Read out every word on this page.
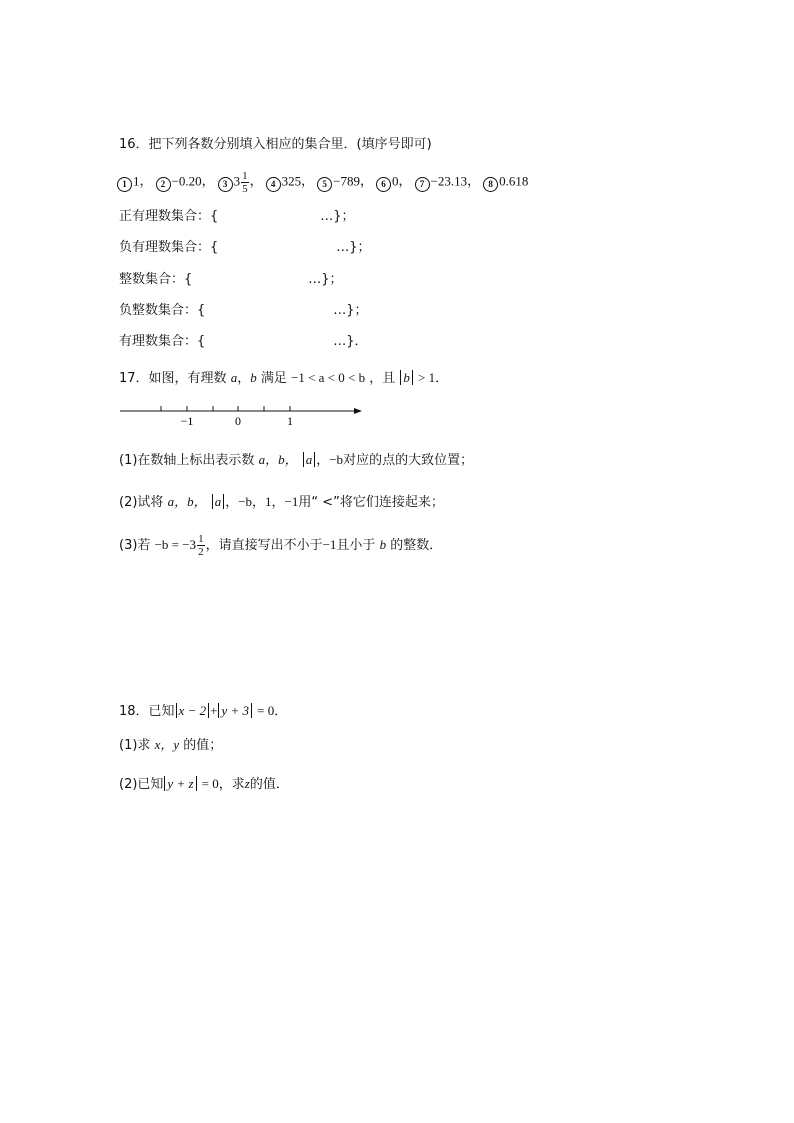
16．把下列各数分别填入相应的集合里．(填序号即可)
1 1， 2 −0.20， 3 $3 \frac{1}{5}$ ， 4 325， 5 −789， 6 0， 7 −23.13， 8 0.618
正有理数集合：{	…}；
负有理数集合：{	…}；
整数集合：{	…}；
负整数集合：{	…}；
有理数集合：{	…}．
17．如图，有理数 a，b 满足 −1 < a < 0 < b ，且 b > 1．
−1	0	1
(1)在数轴上标出表示数 a，b， a ，−b对应的点的大致位置；
(2)试将 a，b， a ，−b，1，−1用“ <”将它们连接起来；
(3)若 $-b = -3 \frac{1}{2}$ ，请直接写出不小于−1且小于 b 的整数．
18．已知 x − 2 + y + 3 = 0．
(1)求 x，y 的值；
(2)已知 y + z = 0，求z的值．
